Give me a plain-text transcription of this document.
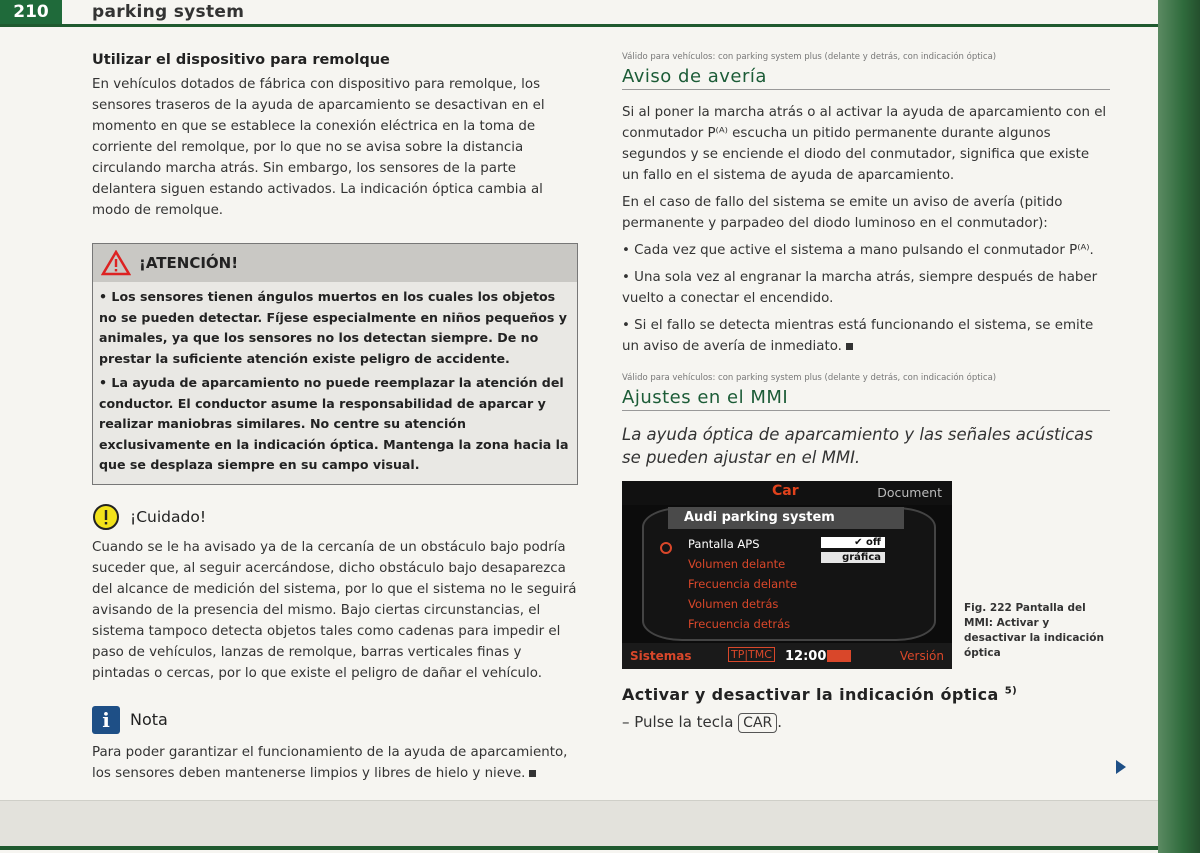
210	parking system
Utilizar el dispositivo para remolque

En vehículos dotados de fábrica con dispositivo para remolque, los sensores traseros de la ayuda de aparcamiento se desactivan en el momento en que se establece la conexión eléctrica en la toma de corriente del remolque, por lo que no se avisa sobre la distancia circulando marcha atrás. Sin embargo, los sensores de la parte delantera siguen estando activados. La indicación óptica cambia al modo de remolque.

¡ATENCIÓN!

• Los sensores tienen ángulos muertos en los cuales los objetos no se pueden detectar. Fíjese especialmente en niños pequeños y animales, ya que los sensores no los detectan siempre. De no prestar la suficiente atención existe peligro de accidente.

• La ayuda de aparcamiento no puede reemplazar la atención del conductor. El conductor asume la responsabilidad de aparcar y realizar maniobras similares. No centre su atención exclusivamente en la indicación óptica. Mantenga la zona hacia la que se desplaza siempre en su campo visual.

¡Cuidado!

Cuando se le ha avisado ya de la cercanía de un obstáculo bajo podría suceder que, al seguir acercándose, dicho obstáculo bajo desaparezca del alcance de medición del sistema, por lo que el sistema no le seguirá avisando de la presencia del mismo. Bajo ciertas circunstancias, el sistema tampoco detecta objetos tales como cadenas para impedir el paso de vehículos, lanzas de remolque, barras verticales finas y pintadas o cercas, por lo que existe el peligro de dañar el vehículo.

i	Nota

Para poder garantizar el funcionamiento de la ayuda de aparcamiento, los sensores deben mantenerse limpios y libres de hielo y nieve.

Válido para vehículos: con parking system plus (delante y detrás, con indicación óptica)
Aviso de avería

Si al poner la marcha atrás o al activar la ayuda de aparcamiento con el conmutador P⁽ᴬ⁾ escucha un pitido permanente durante algunos segundos y se enciende el diodo del conmutador, significa que existe un fallo en el sistema de ayuda de aparcamiento.

En el caso de fallo del sistema se emite un aviso de avería (pitido permanente y parpadeo del diodo luminoso en el conmutador):

• Cada vez que active el sistema a mano pulsando el conmutador P⁽ᴬ⁾.

• Una sola vez al engranar la marcha atrás, siempre después de haber vuelto a conectar el encendido.

• Si el fallo se detecta mientras está funcionando el sistema, se emite un aviso de avería de inmediato.

Válido para vehículos: con parking system plus (delante y detrás, con indicación óptica)
Ajustes en el MMI
La ayuda óptica de aparcamiento y las señales acústicas se pueden ajustar en el MMI.
Car	Document
Audi parking system
Pantalla APS
Volumen delante
Frecuencia delante
Volumen detrás
Frecuencia detrás
✔ off
gráfica
Sistemas	TP|TMC 12:00	Versión
Fig. 222 Pantalla del MMI: Activar y desactivar la indicación óptica
Activar y desactivar la indicación óptica $^{5)}$

– Pulse la tecla CAR .
